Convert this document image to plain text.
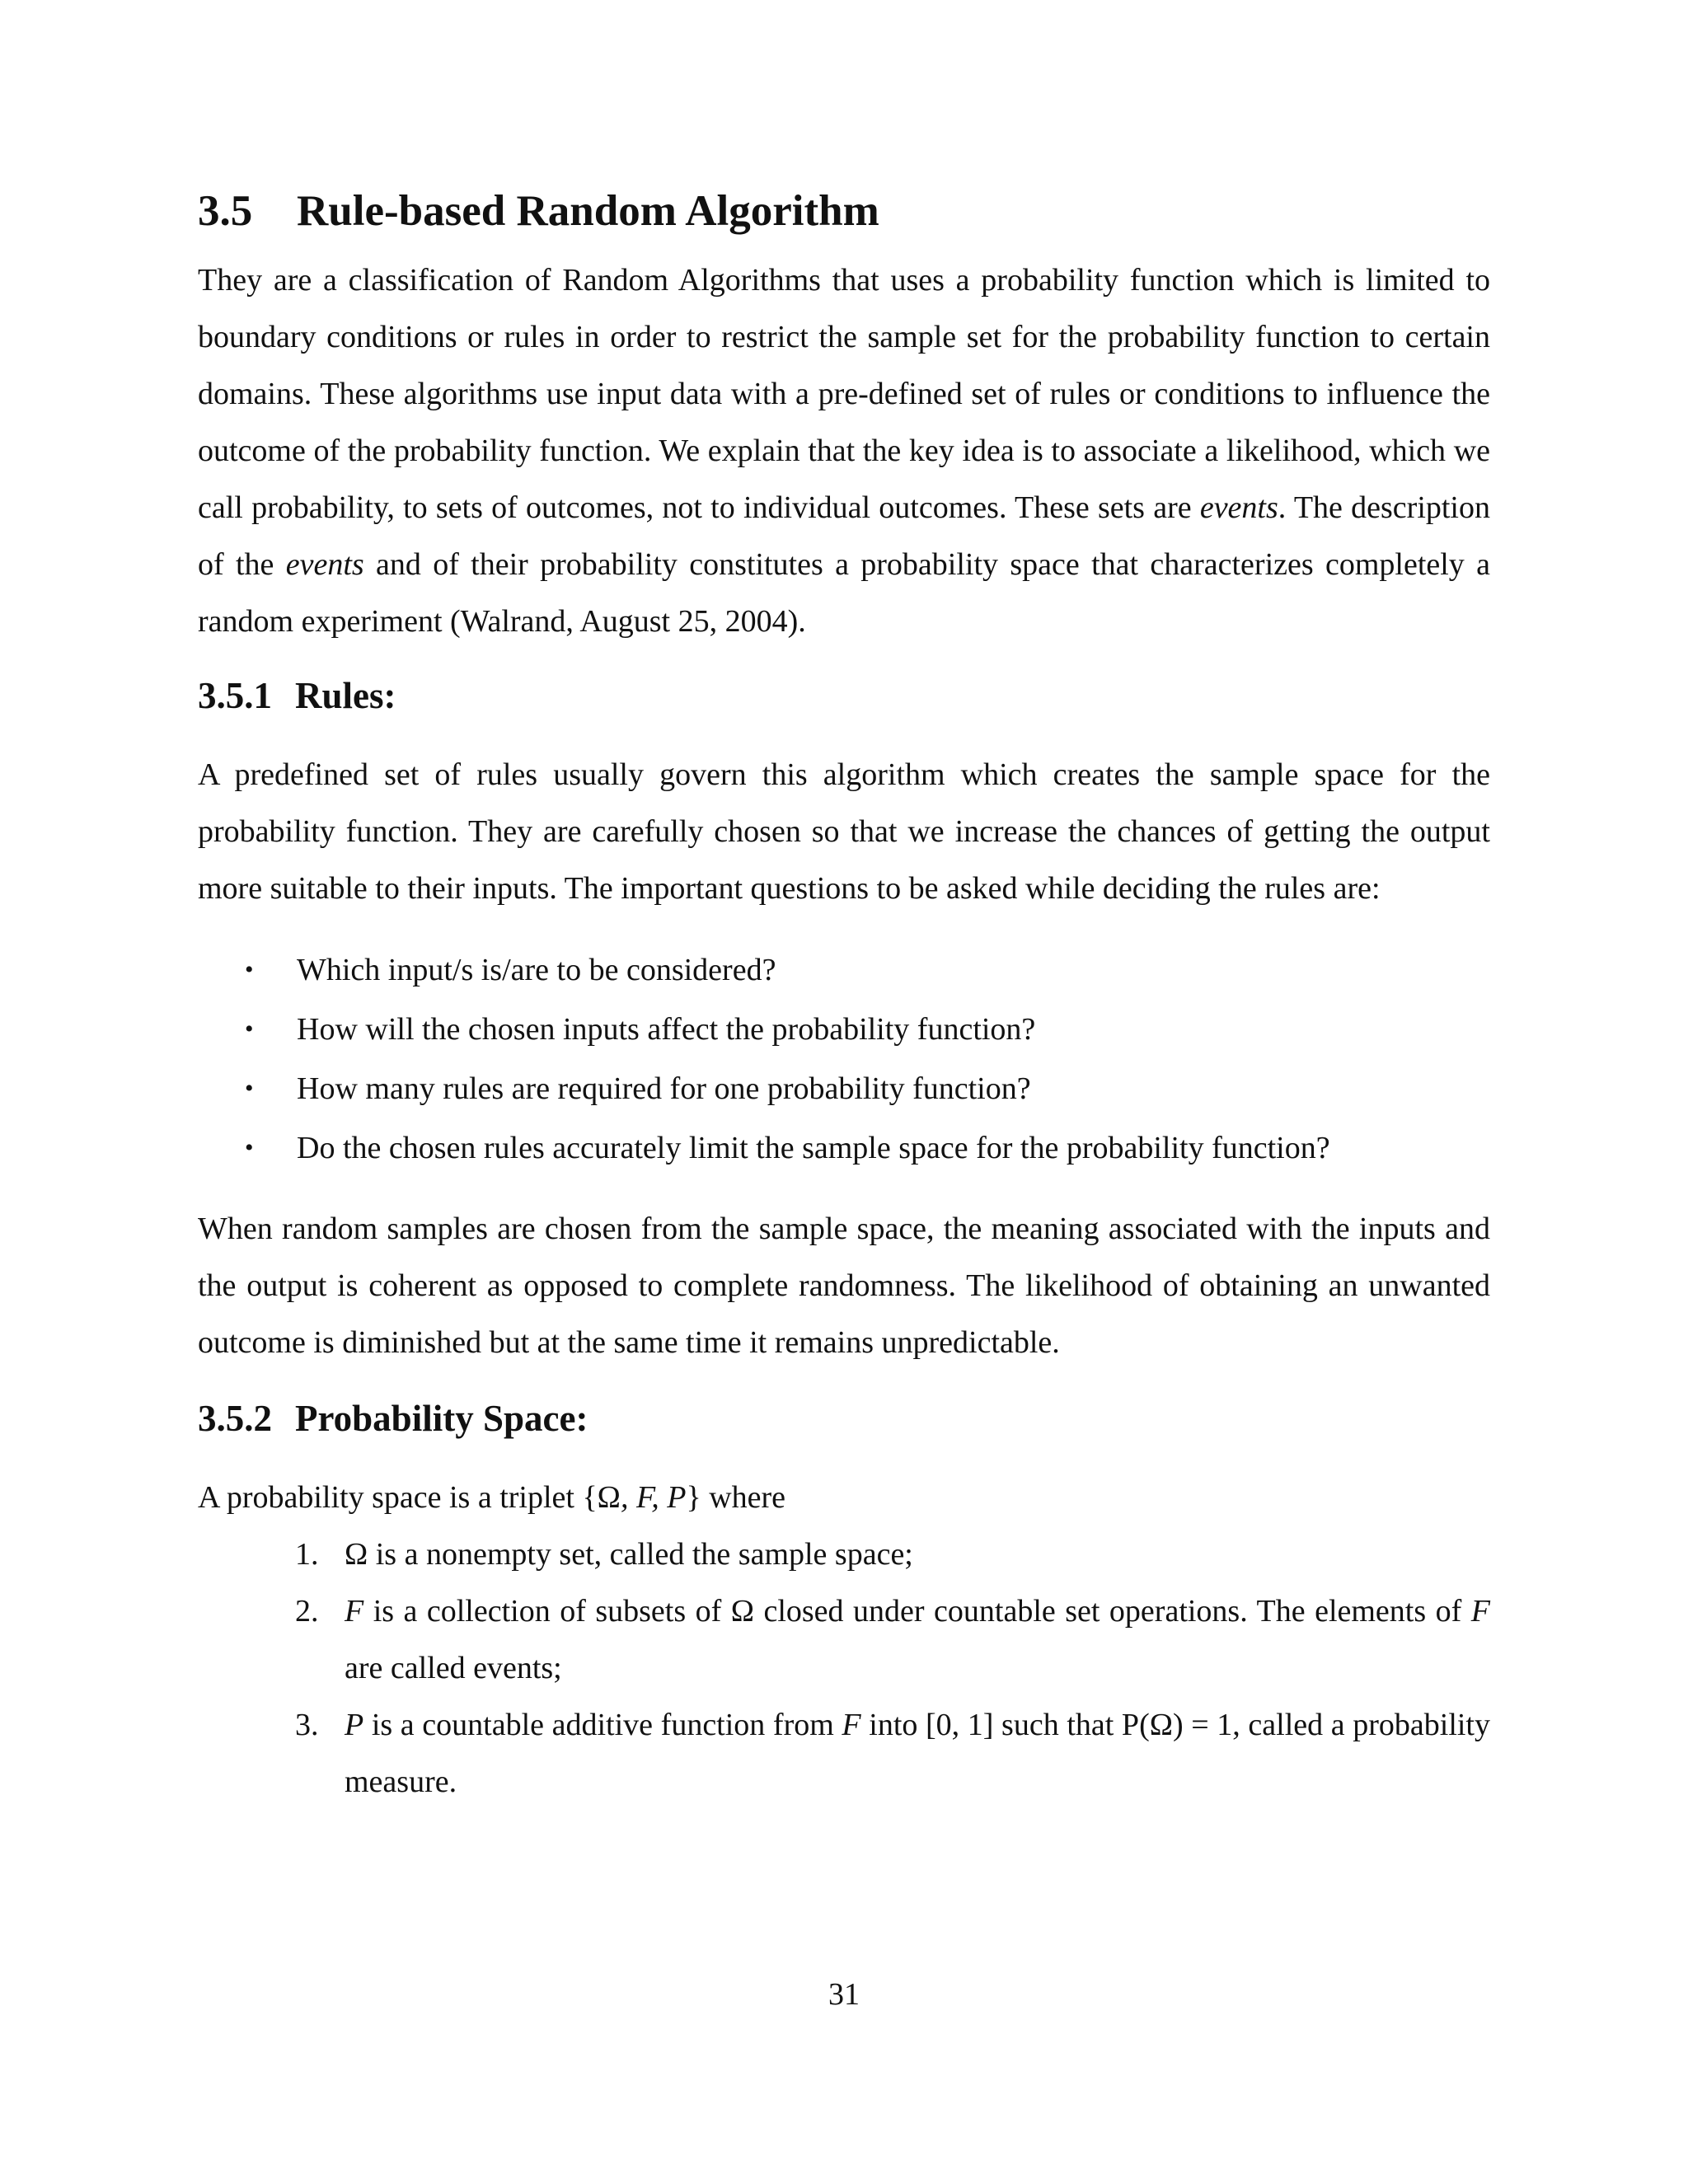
3.5	Rule-based Random Algorithm

They are a classification of Random Algorithms that uses a probability function which is limited to boundary conditions or rules in order to restrict the sample set for the probability function to certain domains. These algorithms use input data with a pre-defined set of rules or conditions to influence the outcome of the probability function. We explain that the key idea is to associate a likelihood, which we call probability, to sets of outcomes, not to individual outcomes. These sets are events. The description of the events and of their probability constitutes a probability space that characterizes completely a random experiment (Walrand, August 25, 2004).

3.5.1 Rules:

A predefined set of rules usually govern this algorithm which creates the sample space for the probability function. They are carefully chosen so that we increase the chances of getting the output more suitable to their inputs. The important questions to be asked while deciding the rules are:

• Which input/s is/are to be considered?
• How will the chosen inputs affect the probability function?
• How many rules are required for one probability function?
• Do the chosen rules accurately limit the sample space for the probability function?

When random samples are chosen from the sample space, the meaning associated with the inputs and the output is coherent as opposed to complete randomness. The likelihood of obtaining an unwanted outcome is diminished but at the same time it remains unpredictable.

3.5.2 Probability Space:

A probability space is a triplet {Ω, F, P} where

1. Ω is a nonempty set, called the sample space;
2. F is a collection of subsets of Ω closed under countable set operations. The elements of F are called events;
3. P is a countable additive function from F into [0, 1] such that P(Ω) = 1, called a probability measure.
31
